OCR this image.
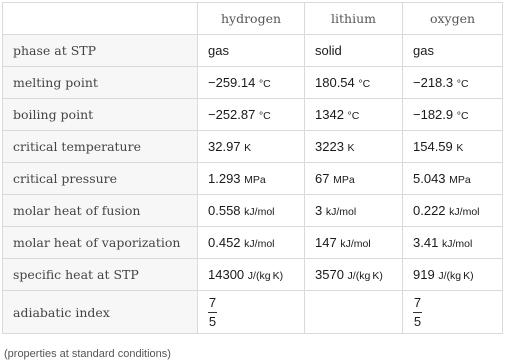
	hydrogen	lithium	oxygen
phase at STP	gas	solid	gas
melting point	−259.14 °C	180.54 °C	−218.3 °C
boiling point	−252.87 °C	1342 °C	−182.9 °C
critical temperature	32.97 K	3223 K	154.59 K
critical pressure	1.293 MPa	67 MPa	5.043 MPa
molar heat of fusion	0.558 kJ/mol	3 kJ/mol	0.222 kJ/mol
molar heat of vaporization	0.452 kJ/mol	147 kJ/mol	3.41 kJ/mol
specific heat at STP	14300 J/(kg K)	3570 J/(kg K)	919 J/(kg K)
adiabatic index	$\frac{7}{5}$		$\frac{7}{5}$
(properties at standard conditions)
